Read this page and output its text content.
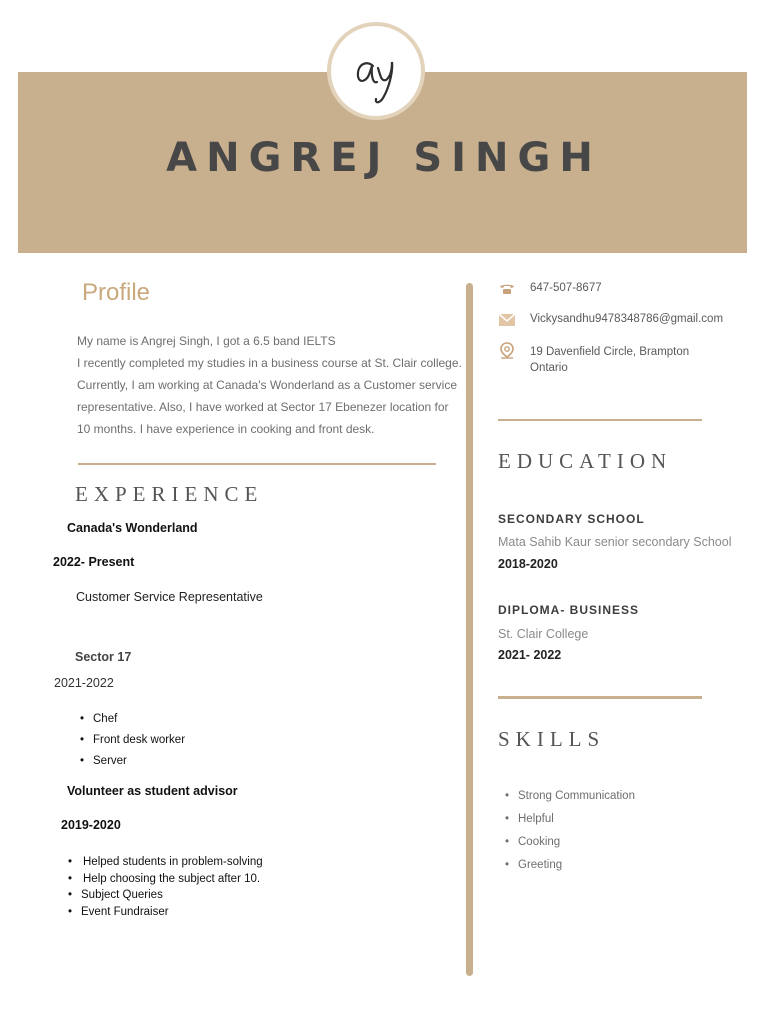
ANGREJ SINGH
Profile
My name is Angrej Singh, I got a 6.5 band IELTS
I recently completed my studies in a business course at St. Clair college.
Currently, I am working at Canada's Wonderland as a Customer service
representative. Also, I have worked at Sector 17 Ebenezer location for
10 months. I have experience in cooking and front desk.
EXPERIENCE
Canada's Wonderland
2022- Present
Customer Service Representative
Sector 17
2021-2022
• Chef
• Front desk worker
• Server
Volunteer as student advisor
2019-2020
• Helped students in problem-solving
• Help choosing the subject after 10.
• Subject Queries
• Event Fundraiser
647-507-8677
Vickysandhu9478348786@gmail.com
19 Davenfield Circle, Brampton
Ontario
EDUCATION
SECONDARY SCHOOL
Mata Sahib Kaur senior secondary School
2018-2020
DIPLOMA- BUSINESS
St. Clair College
2021- 2022
SKILLS
• Strong Communication
• Helpful
• Cooking
• Greeting
